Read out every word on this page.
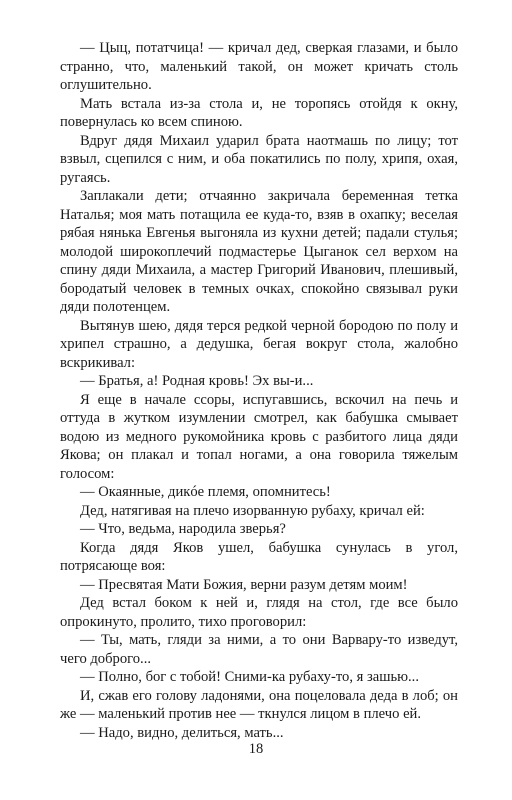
— Цыц, потатчица! — кричал дед, сверкая глазами, и было странно, что, маленький такой, он может кричать столь оглушительно.

Мать встала из-за стола и, не торопясь отойдя к окну, повернулась ко всем спиною.

Вдруг дядя Михаил ударил брата наотмашь по лицу; тот взвыл, сцепился с ним, и оба покатились по полу, хрипя, охая, ругаясь.

Заплакали дети; отчаянно закричала беременная тетка Наталья; моя мать потащила ее куда-то, взяв в охапку; веселая рябая нянька Евгенья выгоняла из кухни детей; падали стулья; молодой широкоплечий подмастерье Цыганок сел верхом на спину дяди Михаила, а мастер Григорий Иванович, плешивый, бородатый человек в темных очках, спокойно связывал руки дяди полотенцем.

Вытянув шею, дядя терся редкой черной бородою по полу и хрипел страшно, а дедушка, бегая вокруг стола, жалобно вскрикивал:

— Братья, а! Родная кровь! Эх вы-и...

Я еще в начале ссоры, испугавшись, вскочил на печь и оттуда в жутком изумлении смотрел, как бабушка смывает водою из медного рукомойника кровь с разбитого лица дяди Якова; он плакал и топал ногами, а она говорила тяжелым голосом:

— Окаянные, дикóе племя, опомнитесь!

Дед, натягивая на плечо изорванную рубаху, кричал ей:

— Что, ведьма, народила зверья?

Когда дядя Яков ушел, бабушка сунулась в угол, потрясающе воя:

— Пресвятая Мати Божия, верни разум детям моим!

Дед встал боком к ней и, глядя на стол, где все было опрокинуто, пролито, тихо проговорил:

— Ты, мать, гляди за ними, а то они Варвару-то изведут, чего доброго...

— Полно, бог с тобой! Сними-ка рубаху-то, я зашью...

И, сжав его голову ладонями, она поцеловала деда в лоб; он же — маленький против нее — ткнулся лицом в плечо ей.

— Надо, видно, делиться, мать...

18
